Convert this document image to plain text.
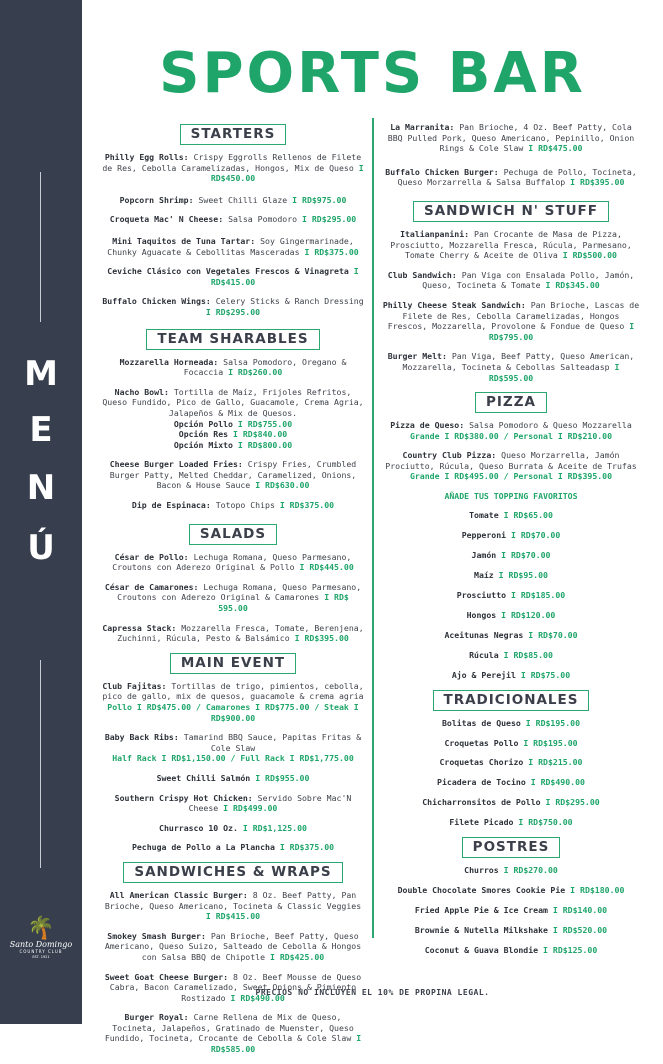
M
E
N
Ú
🌴
Santo Domingo
COUNTRY CLUB
EST. 1921
SPORTS BAR
STARTERS
Philly Egg Rolls: Crispy Eggrolls Rellenos de Filete de Res, Cebolla Caramelizadas, Hongos, Mix de Queso I RD$450.00
Popcorn Shrimp: Sweet Chilli Glaze I RD$975.00
Croqueta Mac' N Cheese: Salsa Pomodoro I RD$295.00
Mini Taquitos de Tuna Tartar: Soy Gingermarinade, Chunky Aguacate & Cebollitas Masceradas I RD$375.00
Ceviche Clásico con Vegetales Frescos & Vinagreta I RD$415.00
Buffalo Chicken Wings: Celery Sticks & Ranch Dressing I RD$295.00
TEAM SHARABLES
Mozzarella Horneada: Salsa Pomodoro, Oregano & Focaccia I RD$260.00
Nacho Bowl: Tortilla de Maíz, Frijoles Refritos, Queso Fundido, Pico de Gallo, Guacamole, Crema Agria, Jalapeños & Mix de Quesos.
Opción Pollo I RD$755.00
Opción Res I RD$840.00
Opción Mixto I RD$800.00
Cheese Burger Loaded Fries: Crispy Fries, Crumbled Burger Patty, Melted Cheddar, Caramelized, Onions, Bacon & House Sauce I RD$630.00
Dip de Espinaca: Totopo Chips I RD$375.00
SALADS
César de Pollo: Lechuga Romana, Queso Parmesano, Croutons con Aderezo Original & Pollo I RD$445.00
César de Camarones: Lechuga Romana, Queso Parmesano, Croutons con Aderezo Original & Camarones I RD$ 595.00
Capressa Stack: Mozzarella Fresca, Tomate, Berenjena, Zuchinni, Rúcula, Pesto & Balsámico I RD$395.00
MAIN EVENT
Club Fajitas: Tortillas de trigo, pimientos, cebolla, pico de gallo, mix de quesos, guacamole & crema agria
Pollo I RD$475.00 / Camarones I RD$775.00 / Steak I RD$900.00
Baby Back Ribs: Tamarind BBQ Sauce, Papitas Fritas & Cole Slaw
Half Rack I RD$1,150.00 / Full Rack I RD$1,775.00
Sweet Chilli Salmón I RD$955.00
Southern Crispy Hot Chicken: Servido Sobre Mac'N Cheese I RD$499.00
Churrasco 10 Oz. I RD$1,125.00
Pechuga de Pollo a La Plancha I RD$375.00
SANDWICHES & WRAPS
All American Classic Burger: 8 Oz. Beef Patty, Pan Brioche, Queso Americano, Tocineta & Classic Veggies I RD$415.00
Smokey Smash Burger: Pan Brioche, Beef Patty, Queso Americano, Queso Suizo, Salteado de Cebolla & Hongos con Salsa BBQ de Chipotle I RD$425.00
Sweet Goat Cheese Burger: 8 Oz. Beef Mousse de Queso Cabra, Bacon Caramelizado, Sweet Onions & Pimiento Rostizado I RD$490.00
Burger Royal: Carne Rellena de Mix de Queso, Tocineta, Jalapeños, Gratinado de Muenster, Queso Fundido, Tocineta, Crocante de Cebolla & Cole Slaw I RD$585.00
La Marranita: Pan Brioche, 4 Oz. Beef Patty, Cola BBQ Pulled Pork, Queso Americano, Pepinillo, Onion Rings & Cole Slaw I RD$475.00
Buffalo Chicken Burger: Pechuga de Pollo, Tocineta, Queso Morzarrella & Salsa Buffalop I RD$395.00
SANDWICH N' STUFF
Italianpanini: Pan Crocante de Masa de Pizza, Prosciutto, Mozzarella Fresca, Rúcula, Parmesano, Tomate Cherry & Aceite de Oliva I RD$500.00
Club Sandwich: Pan Viga con Ensalada Pollo, Jamón, Queso, Tocineta & Tomate I RD$345.00
Philly Cheese Steak Sandwich: Pan Brioche, Lascas de Filete de Res, Cebolla Caramelizadas, Hongos Frescos, Mozzarella, Provolone & Fondue de Queso I RD$795.00
Burger Melt: Pan Viga, Beef Patty, Queso American, Mozzarella, Tocineta & Cebollas Salteadasp I RD$595.00
PIZZA
Pizza de Queso: Salsa Pomodoro & Queso Mozzarella
Grande I RD$380.00 / Personal I RD$210.00
Country Club Pizza: Queso Morzarrella, Jamón Prociutto, Rúcula, Queso Burrata & Aceite de Trufas
Grande I RD$495.00 / Personal I RD$395.00
AÑADE TUS TOPPING FAVORITOS
Tomate I RD$65.00
Pepperoni I RD$70.00
Jamón I RD$70.00
Maíz I RD$95.00
Prosciutto I RD$185.00
Hongos I RD$120.00
Aceitunas Negras I RD$70.00
Rúcula I RD$85.00
Ajo & Perejil I RD$75.00
TRADICIONALES
Bolitas de Queso I RD$195.00
Croquetas Pollo I RD$195.00
Croquetas Chorizo I RD$215.00
Picadera de Tocino I RD$490.00
Chicharronsitos de Pollo I RD$295.00
Filete Picado I RD$750.00
POSTRES
Churros I RD$270.00
Double Chocolate Smores Cookie Pie I RD$180.00
Fried Apple Pie & Ice Cream I RD$140.00
Brownie & Nutella Milkshake I RD$520.00
Coconut & Guava Blondie I RD$125.00
PRECIOS NO INCLUYEN EL 10% DE PROPINA LEGAL.
